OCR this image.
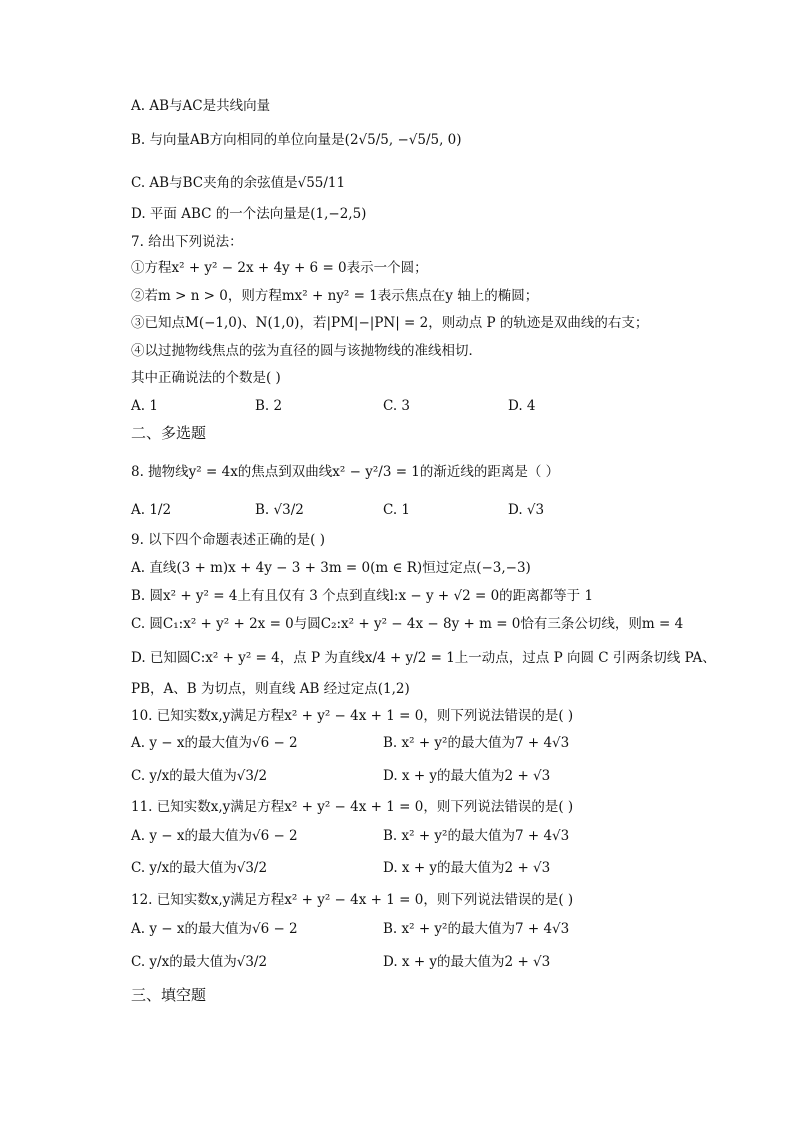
A. AB与AC是共线向量
B. 与向量AB方向相同的单位向量是(2√5/5, −√5/5, 0)
C. AB与BC夹角的余弦值是√55/11
D. 平面 ABC 的一个法向量是(1,−2,5)
7. 给出下列说法：
①方程x² + y² − 2x + 4y + 6 = 0表示一个圆；
②若m > n > 0，则方程mx² + ny² = 1表示焦点在y 轴上的椭圆；
③已知点M(−1,0)、N(1,0)，若|PM|−|PN| = 2，则动点 P 的轨迹是双曲线的右支；
④以过抛物线焦点的弦为直径的圆与该抛物线的准线相切．
其中正确说法的个数是( )
A. 1	B. 2	C. 3	D. 4
二、多选题
8. 抛物线y² = 4x的焦点到双曲线x² − y²/3 = 1的渐近线的距离是（ ）
A. 1/2	B. √3/2	C. 1	D. √3
9. 以下四个命题表述正确的是( )
A. 直线(3 + m)x + 4y − 3 + 3m = 0(m ∈ R)恒过定点(−3,−3)
B. 圆x² + y² = 4上有且仅有 3 个点到直线l:x − y + √2 = 0的距离都等于 1
C. 圆C₁:x² + y² + 2x = 0与圆C₂:x² + y² − 4x − 8y + m = 0恰有三条公切线，则m = 4
D. 已知圆C:x² + y² = 4，点 P 为直线x/4 + y/2 = 1上一动点，过点 P 向圆 C 引两条切线 PA、
PB，A、B 为切点，则直线 AB 经过定点(1,2)
10. 已知实数x,y满足方程x² + y² − 4x + 1 = 0，则下列说法错误的是( )
A. y − x的最大值为√6 − 2	B. x² + y²的最大值为7 + 4√3
C. y/x的最大值为√3/2	D. x + y的最大值为2 + √3
11. 已知实数x,y满足方程x² + y² − 4x + 1 = 0，则下列说法错误的是( )
A. y − x的最大值为√6 − 2	B. x² + y²的最大值为7 + 4√3
C. y/x的最大值为√3/2	D. x + y的最大值为2 + √3
12. 已知实数x,y满足方程x² + y² − 4x + 1 = 0，则下列说法错误的是( )
A. y − x的最大值为√6 − 2	B. x² + y²的最大值为7 + 4√3
C. y/x的最大值为√3/2	D. x + y的最大值为2 + √3
三、填空题
